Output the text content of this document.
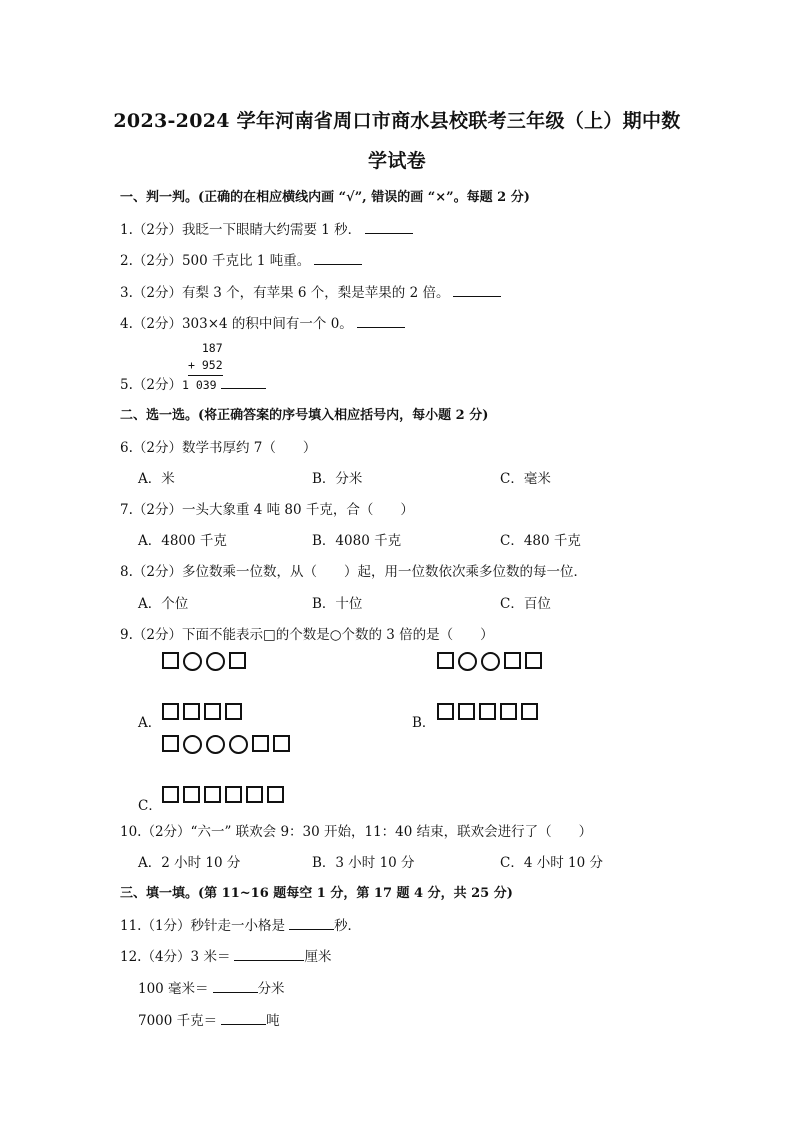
2023-2024 学年河南省周口市商水县校联考三年级（上）期中数
学试卷
一、判一判。(正确的在相应横线内画 “√”, 错误的画 “×”。每题 2 分)
1.（2分）我眨一下眼睛大约需要 1 秒．
2.（2分）500 千克比 1 吨重。
3.（2分）有梨 3 个，有苹果 6 个，梨是苹果的 2 倍。
4.（2分）303×4 的积中间有一个 0。
187
+ 952
5.（2分）1 039
二、选一选。(将正确答案的序号填入相应括号内，每小题 2 分)
6.（2分）数学书厚约 7（　　）
A．米	B．分米	C．毫米
7.（2分）一头大象重 4 吨 80 千克，合（　　）
A．4800 千克	B．4080 千克	C．480 千克
8.（2分）多位数乘一位数，从（　　）起，用一位数依次乘多位数的每一位．
A．个位	B．十位	C．百位
9.（2分）下面不能表示□的个数是○个数的 3 倍的是（　　）
A．	B．
C．
10.（2分）“六一” 联欢会 9：30 开始，11：40 结束，联欢会进行了（　　）
A．2 小时 10 分	B．3 小时 10 分	C．4 小时 10 分
三、填一填。(第 11~16 题每空 1 分，第 17 题 4 分，共 25 分)
11.（1分）秒针走一小格是	秒．
12.（4分）3 米＝	厘米
100 毫米＝	分米
7000 千克＝	吨
